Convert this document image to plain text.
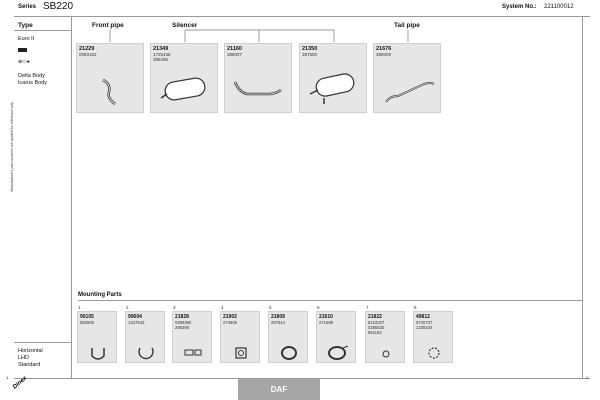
Series SB220	System No.: 221100012
Manufacturers part numbers are quoted for reference only
Type
Euro II
⊕▭●
Delta Body
Icarus Body
Horizontal
LHD
Standard
Front pipe	Silencer	Tail pipe
21229
0083162
21349
1726436
386296
21160
388007
21350
387500
21676
386009
Mounting Parts
1
90105
882606
2
99604
1337543
3
21828
0298390
298390
4
21902
274609
5
21809
297814
6
21610
271589
7
21822
8210027
0285530
851183
8
49812
0740737
1328104
1	1
Dinex	DAF
